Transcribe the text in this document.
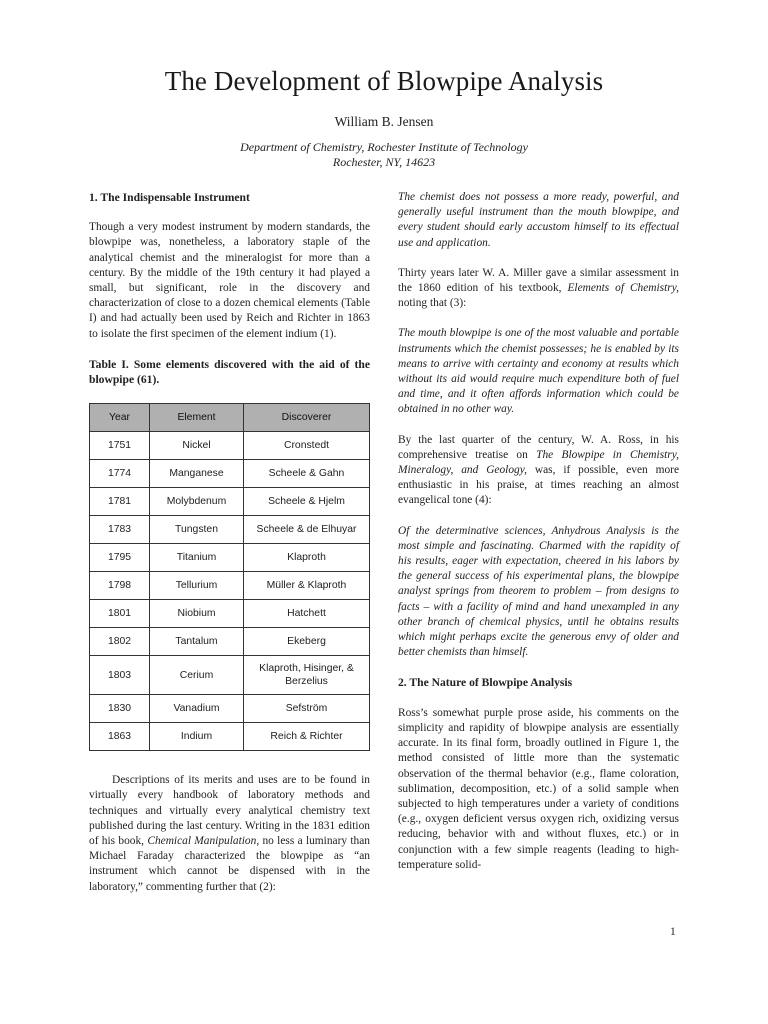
The Development of Blowpipe Analysis
William B. Jensen
Department of Chemistry, Rochester Institute of Technology
Rochester, NY, 14623

1. The Indispensable Instrument

Though a very modest instrument by modern standards, the blowpipe was, nonetheless, a laboratory staple of the analytical chemist and the mineralogist for more than a century. By the middle of the 19th century it had played a small, but significant, role in the discovery and characterization of close to a dozen chemical elements (Table I) and had actually been used by Reich and Richter in 1863 to isolate the first specimen of the element indium (1).

Table I. Some elements discovered with the aid of the blowpipe (61).

Year	Element	Discoverer
1751	Nickel	Cronstedt
1774	Manganese	Scheele & Gahn
1781	Molybdenum	Scheele & Hjelm
1783	Tungsten	Scheele & de Elhuyar
1795	Titanium	Klaproth
1798	Tellurium	Müller & Klaproth
1801	Niobium	Hatchett
1802	Tantalum	Ekeberg
1803	Cerium	Klaproth, Hisinger, & Berzelius
1830	Vanadium	Sefström
1863	Indium	Reich & Richter

Descriptions of its merits and uses are to be found in virtually every handbook of laboratory methods and techniques and virtually every analytical chemistry text published during the last century. Writing in the 1831 edition of his book, Chemical Manipulation, no less a luminary than Michael Faraday characterized the blowpipe as “an instrument which cannot be dispensed with in the laboratory,” commenting further that (2):

The chemist does not possess a more ready, powerful, and generally useful instrument than the mouth blowpipe, and every student should early accustom himself to its effectual use and application.

Thirty years later W. A. Miller gave a similar assessment in the 1860 edition of his textbook, Elements of Chemistry, noting that (3):

The mouth blowpipe is one of the most valuable and portable instruments which the chemist possesses; he is enabled by its means to arrive with certainty and economy at results which without its aid would require much expenditure both of fuel and time, and it often affords information which could be obtained in no other way.

By the last quarter of the century, W. A. Ross, in his comprehensive treatise on The Blowpipe in Chemistry, Mineralogy, and Geology, was, if possible, even more enthusiastic in his praise, at times reaching an almost evangelical tone (4):

Of the determinative sciences, Anhydrous Analysis is the most simple and fascinating. Charmed with the rapidity of his results, eager with expectation, cheered in his labors by the general success of his experimental plans, the blowpipe analyst springs from theorem to problem – from designs to facts – with a facility of mind and hand unexampled in any other branch of chemical physics, until he obtains results which might perhaps excite the generous envy of older and better chemists than himself.

2. The Nature of Blowpipe Analysis

Ross’s somewhat purple prose aside, his comments on the simplicity and rapidity of blowpipe analysis are essentially accurate. In its final form, broadly outlined in Figure 1, the method consisted of little more than the systematic observation of the thermal behavior (e.g., flame coloration, sublimation, decomposition, etc.) of a solid sample when subjected to high temperatures under a variety of conditions (e.g., oxygen deficient versus oxygen rich, oxidizing versus reducing, behavior with and without fluxes, etc.) or in conjunction with a few simple reagents (leading to high-temperature solid-

1
